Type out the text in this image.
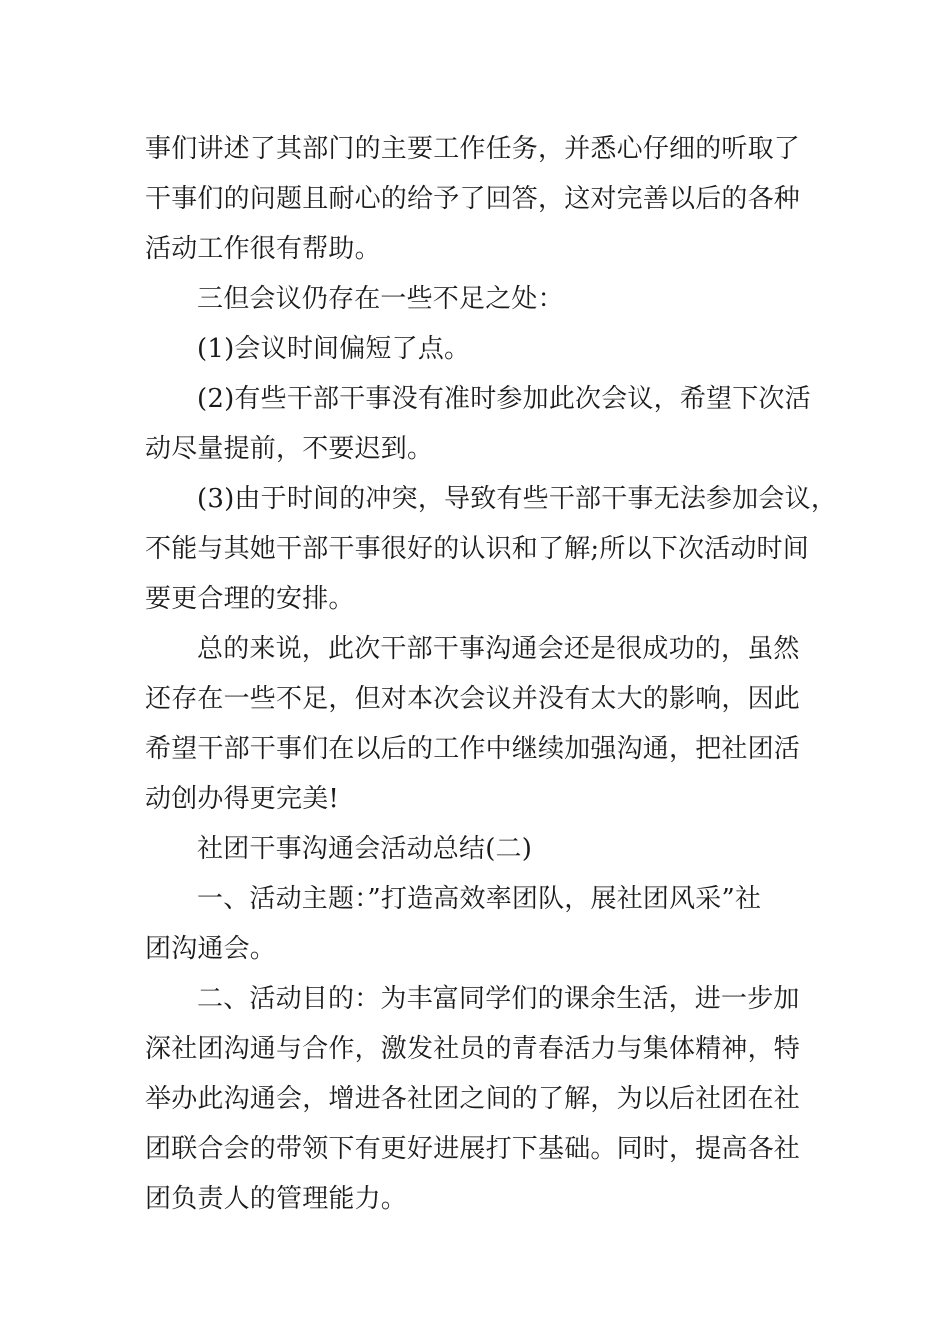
事们讲述了其部门的主要工作任务，并悉心仔细的听取了
干事们的问题且耐心的给予了回答，这对完善以后的各种
活动工作很有帮助。
三但会议仍存在一些不足之处：
(1)会议时间偏短了点。
(2)有些干部干事没有准时参加此次会议，希望下次活
动尽量提前，不要迟到。
(3)由于时间的冲突，导致有些干部干事无法参加会议，
不能与其她干部干事很好的认识和了解;所以下次活动时间
要更合理的安排。
总的来说，此次干部干事沟通会还是很成功的，虽然
还存在一些不足，但对本次会议并没有太大的影响，因此
希望干部干事们在以后的工作中继续加强沟通，把社团活
动创办得更完美!
社团干事沟通会活动总结(二)
一、活动主题：”打造高效率团队，展社团风采”社
团沟通会。
二、活动目的：为丰富同学们的课余生活，进一步加
深社团沟通与合作，激发社员的青春活力与集体精神，特
举办此沟通会，增进各社团之间的了解，为以后社团在社
团联合会的带领下有更好进展打下基础。同时，提高各社
团负责人的管理能力。
